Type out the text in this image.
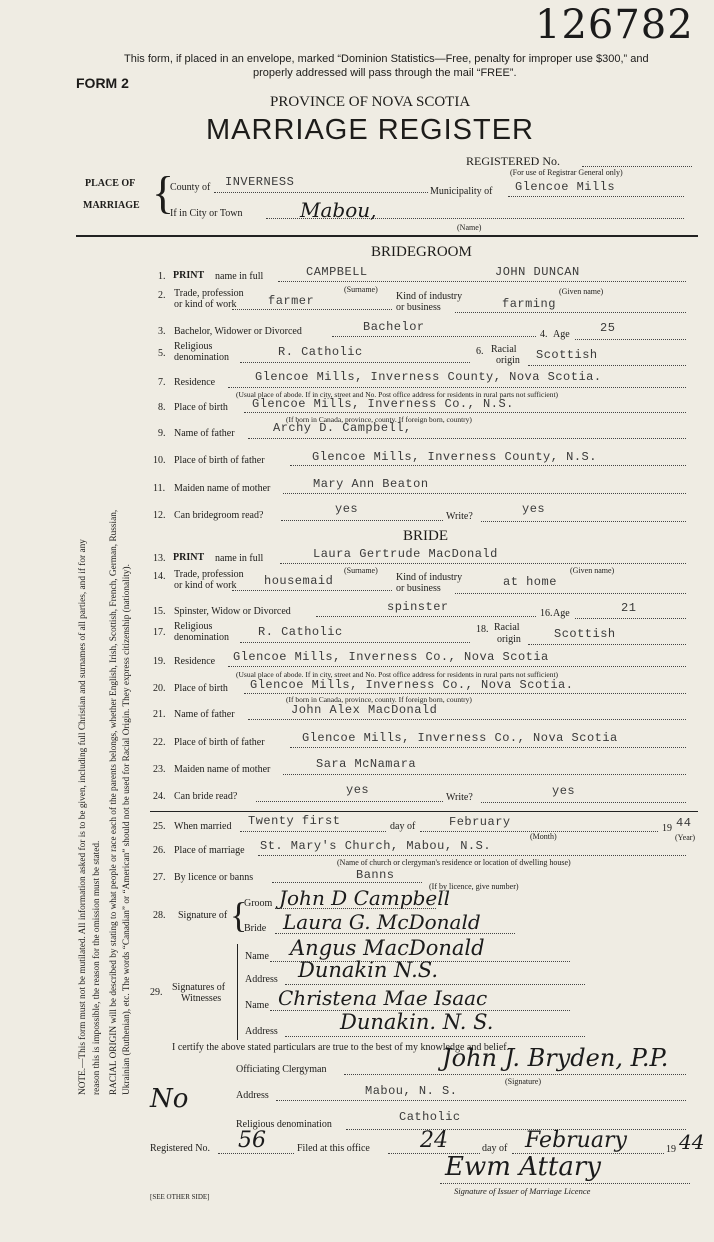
126782
This form, if placed in an envelope, marked “Dominion Statistics—Free, penalty for improper use $300,” and
properly addressed will pass through the mail “FREE”.
FORM 2
PROVINCE OF NOVA SCOTIA
MARRIAGE REGISTER
REGISTERED No.
(For use of Registrar General only)
PLACE OF
MARRIAGE {
County of INVERNESS
Municipality of Glencoe Mills
If in City or Town	Mabou,
(Name)
NOTE.—This form must not be mutilated. All information asked for is to be given, including full Christian and surnames of all parties, and if for any reason this is impossible, the reason for the omission must be stated. RACIAL ORIGIN will be described by stating to what people or race each of the parents belongs, whether English, Irish, Scottish, French, German, Russian, Ukrainian (Ruthenian), etc. The words “Canadian” or “American” should not be used for Racial Origin. They express citizenship (nationality).
BRIDEGROOM
1. PRINT name in full	CAMPBELL	JOHN DUNCAN
(Surname)	(Given name)
2. Trade, profession
or kind of work	farmer	Kind of industry
or business	farming
3. Bachelor, Widower or Divorced	Bachelor
4. Age	25
5.
Religious
denomination	R. Catholic	6. Racial
origin Scottish
7. Residence	Glencoe Mills, Inverness County, Nova Scotia.
(Usual place of abode. If in city, street and No. Post office address for residents in rural parts not sufficient)
8. Place of birth Glencoe Mills, Inverness Co., N.S.
(If born in Canada, province, county. If foreign born, country)
9. Name of father	Archy D. Campbell,
10. Place of birth of father	Glencoe Mills, Inverness County, N.S.
11. Maiden name of mother	Mary Ann Beaton
12. Can bridegroom read?	yes
Write?
yes
BRIDE
13. PRINT name in full	Laura Gertrude MacDonald
(Surname)	(Given name)
14. Trade, profession
or kind of work housemaid	Kind of industry
or business	at home
15. Spinster, Widow or Divorced	spinster	16. Age	21
17.
Religious
denomination R. Catholic	18. Racial
origin	Scottish
19. Residence Glencoe Mills, Inverness Co., Nova Scotia
(Usual place of abode. If in city, street and No. Post office address for residents in rural parts not sufficient)
20. Place of birth Glencoe Mills, Inverness Co., Nova Scotia.
(If born in Canada, province, county. If foreign born, country)
21. Name of father	John Alex MacDonald
22. Place of birth of father	Glencoe Mills, Inverness Co., Nova Scotia
23. Maiden name of mother	Sara McNamara
24. Can bride read?	yes
Write?	yes
25. When married Twenty first	day of	February	19 44
(Month)	(Year)
26. Place of marriage St. Mary's Church, Mabou, N.S.
(Name of church or clergyman's residence or location of dwelling house)
27. By licence or banns	Banns
(If by licence, give number)
28. Signature of {
Groom John D Campbell
Bride Laura G. McDonald
29. Signatures of
Witnesses
Name Angus MacDonald
Address Dunakin N.S.
Name Christena Mae Isaac
Address	Dunakin. N. S.
I certify the above stated particulars are true to the best of my knowledge and belief.
Officiating Clergyman	John J. Bryden, P.P.
(Signature)
No	Address	Mabou, N. S.
Religious denomination
Catholic
Registered No. 56	Filed at this office 24	day of February	19 44
Ewm Attary
Signature of Issuer of Marriage Licence
[SEE OTHER SIDE]
